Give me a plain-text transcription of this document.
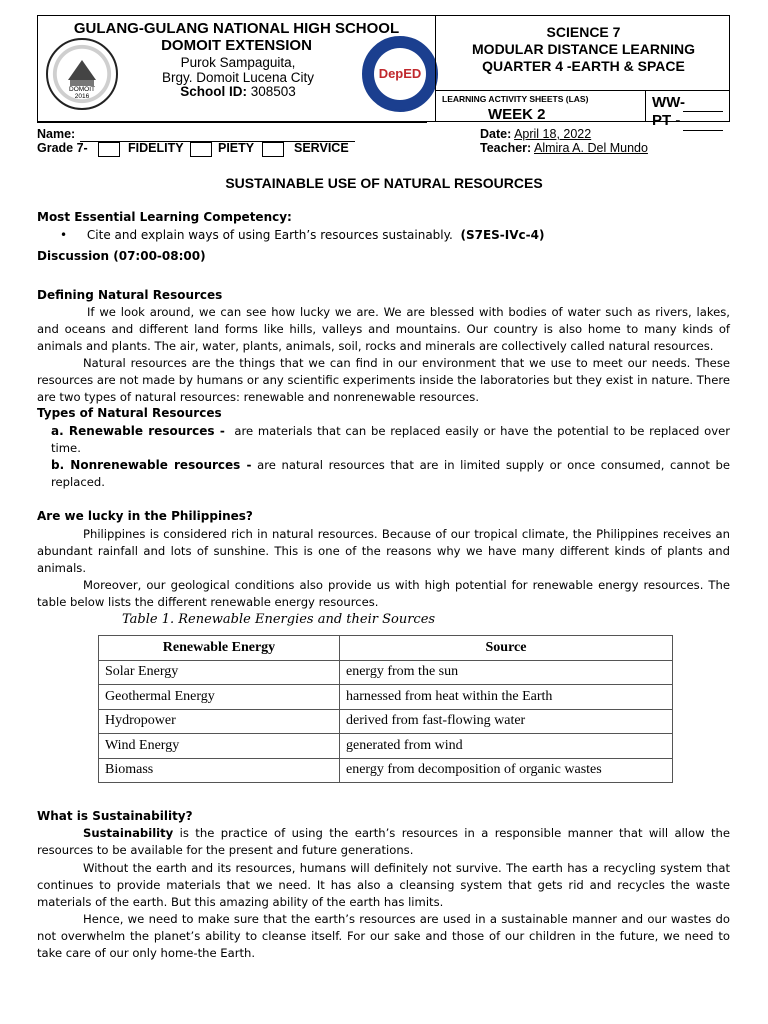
GULANG-GULANG NATIONAL HIGH SCHOOL
DOMOIT EXTENSION
Purok Sampaguita,
Brgy. Domoit Lucena City
School ID: 308503
DOMOIT 2016
DepED
SCIENCE 7
MODULAR DISTANCE LEARNING
QUARTER 4 -EARTH & SPACE
LEARNING ACTIVITY SHEETS (LAS)
WEEK 2
WW-
PT -
Name:
Grade 7-	FIDELITY	PIETY	SERVICE
Date: April 18, 2022
Teacher: Almira A. Del Mundo
SUSTAINABLE USE OF NATURAL RESOURCES
Most Essential Learning Competency:
• Cite and explain ways of using Earth’s resources sustainably. (S7ES-IVc-4)
Discussion (07:00-08:00)
Defining Natural Resources
If we look around, we can see how lucky we are. We are blessed with bodies of water such as rivers, lakes, and oceans and different land forms like hills, valleys and mountains. Our country is also home to many kinds of animals and plants. The air, water, plants, animals, soil, rocks and minerals are collectively called natural resources.
Natural resources are the things that we can find in our environment that we use to meet our needs. These resources are not made by humans or any scientific experiments inside the laboratories but they exist in nature. There are two types of natural resources: renewable and nonrenewable resources.
Types of Natural Resources
a. Renewable resources - are materials that can be replaced easily or have the potential to be replaced over time.
b. Nonrenewable resources - are natural resources that are in limited supply or once consumed, cannot be replaced.
Are we lucky in the Philippines?
Philippines is considered rich in natural resources. Because of our tropical climate, the Philippines receives an abundant rainfall and lots of sunshine. This is one of the reasons why we have many different kinds of plants and animals.
Moreover, our geological conditions also provide us with high potential for renewable energy resources. The table below lists the different renewable energy resources.
Table 1. Renewable Energies and their Sources
Renewable Energy	Source
Solar Energy	energy from the sun
Geothermal Energy	harnessed from heat within the Earth
Hydropower	derived from fast-flowing water
Wind Energy	generated from wind
Biomass	energy from decomposition of organic wastes
What is Sustainability?
Sustainability is the practice of using the earth’s resources in a responsible manner that will allow the resources to be available for the present and future generations.
Without the earth and its resources, humans will definitely not survive. The earth has a recycling system that continues to provide materials that we need. It has also a cleansing system that gets rid and recycles the waste materials of the earth. But this amazing ability of the earth has limits.
Hence, we need to make sure that the earth’s resources are used in a sustainable manner and our wastes do not overwhelm the planet’s ability to cleanse itself. For our sake and those of our children in the future, we need to take care of our only home-the Earth.
